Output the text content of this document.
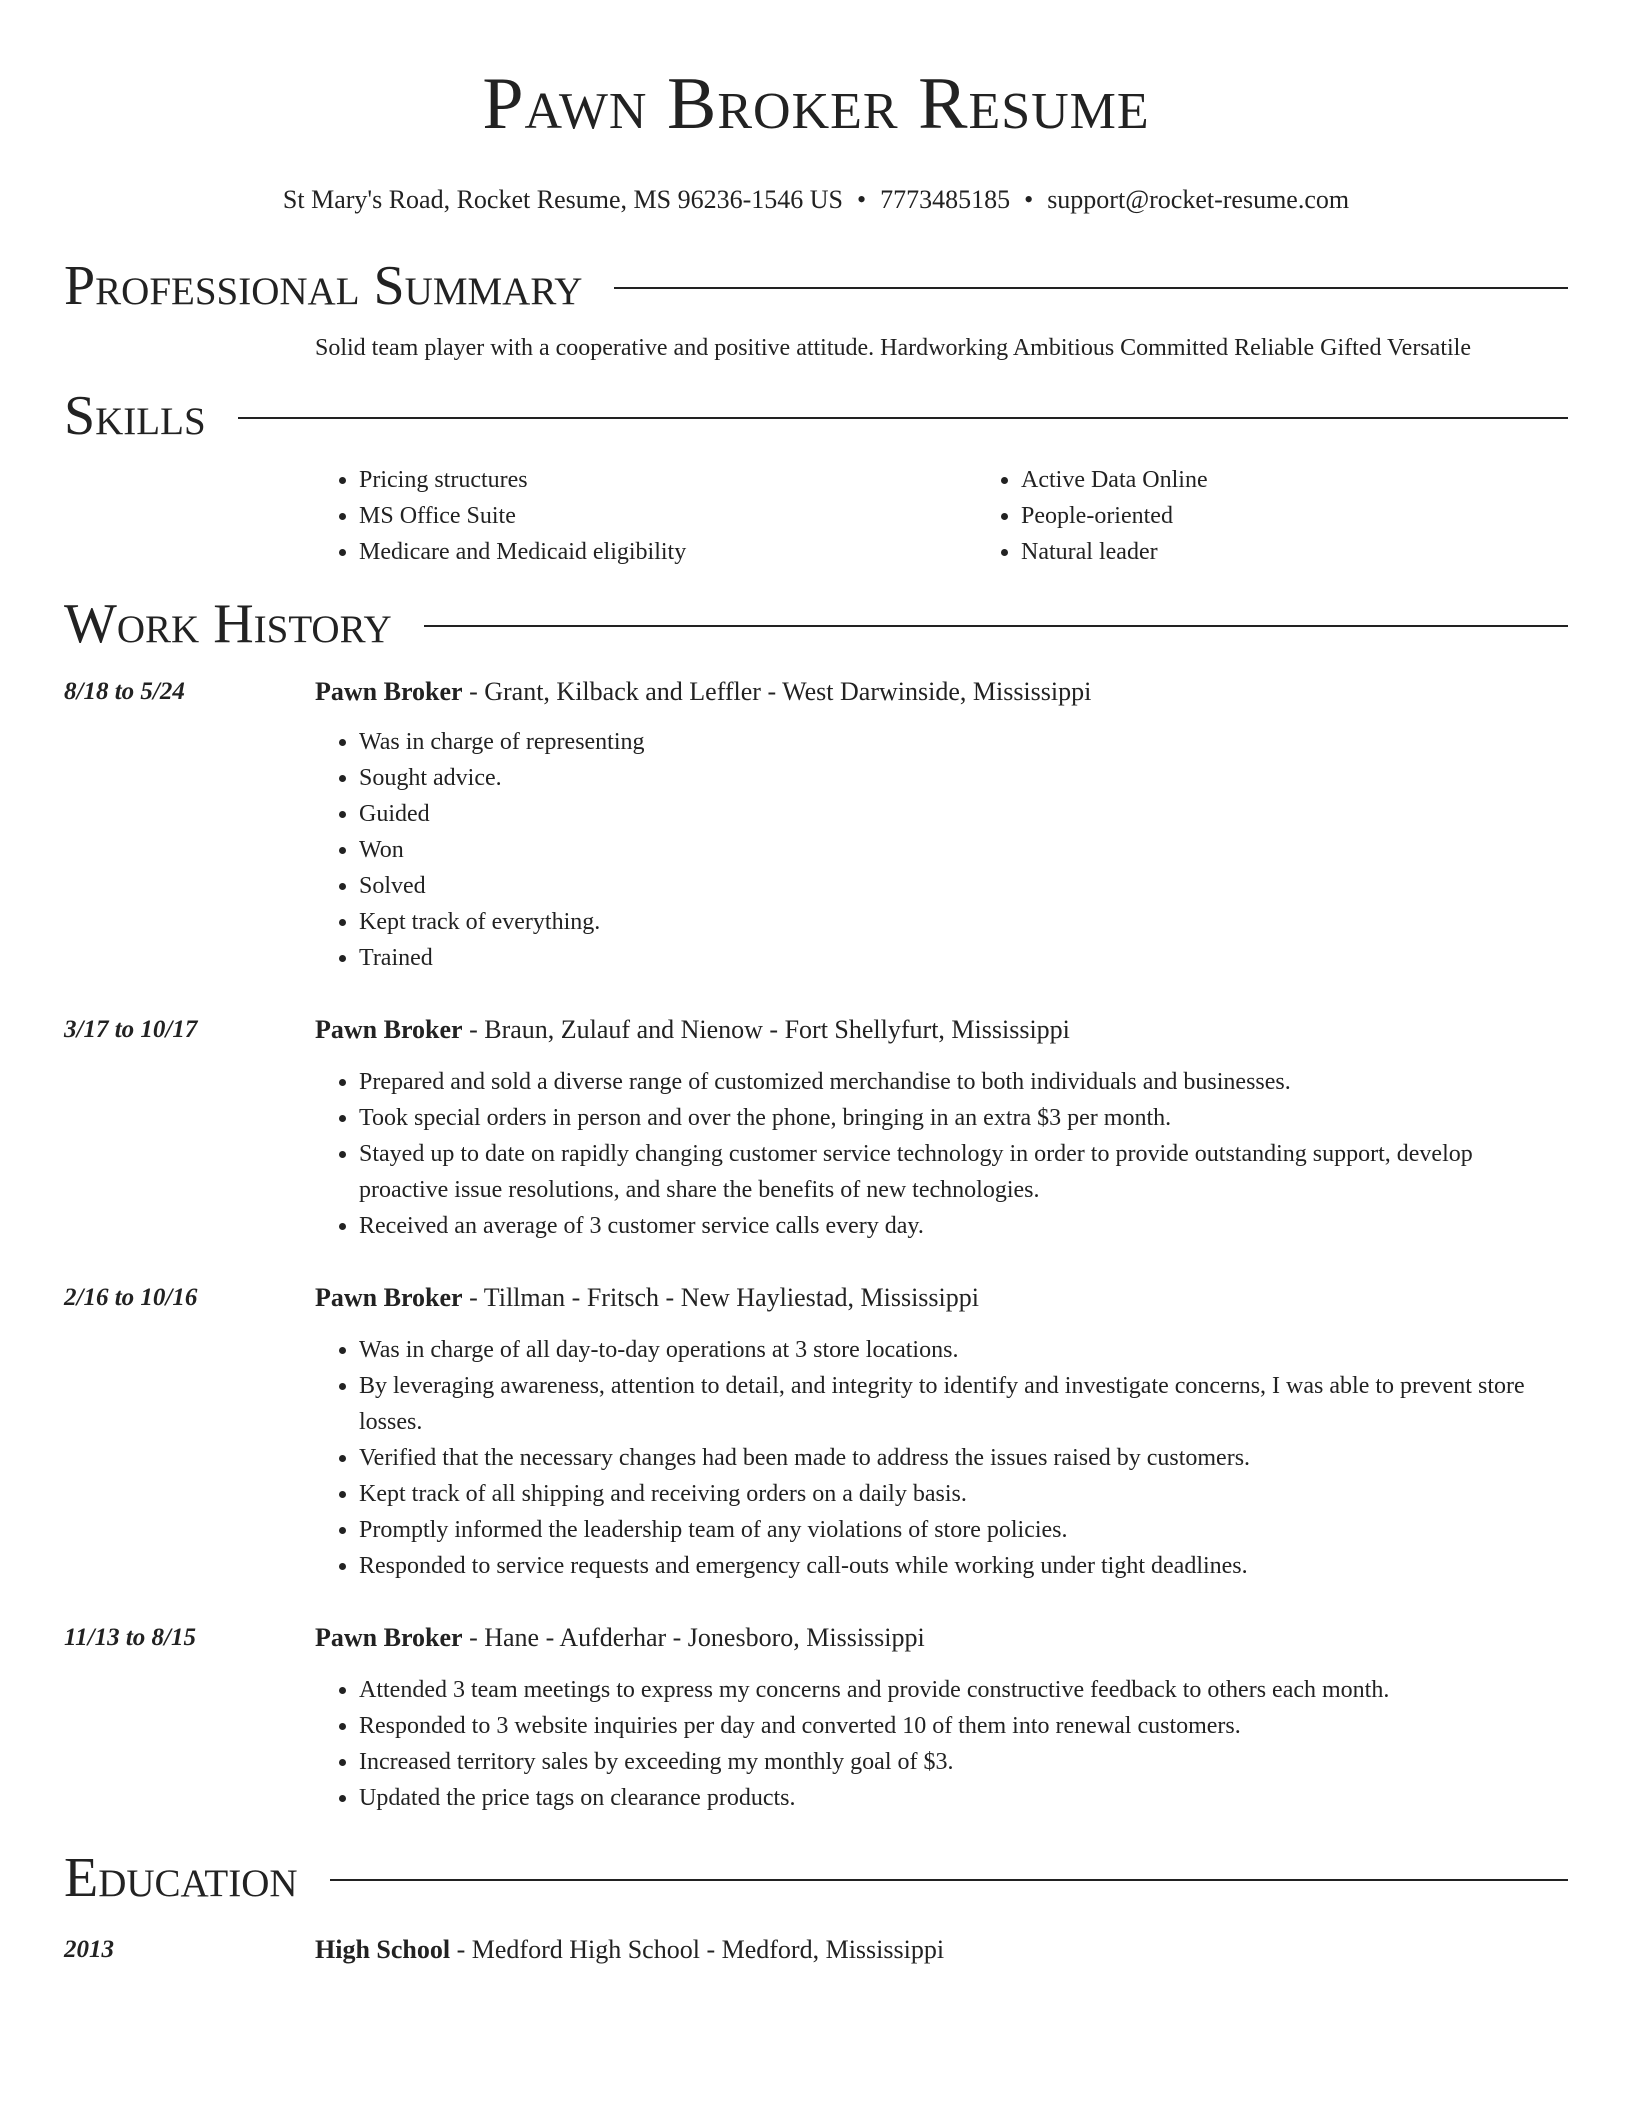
Pawn Broker Resume
St Mary's Road, Rocket Resume, MS 96236-1546 US • 7773485185 • support@rocket-resume.com
Professional Summary
Solid team player with a cooperative and positive attitude. Hardworking Ambitious Committed Reliable Gifted Versatile
Skills
• Pricing structures
• MS Office Suite
• Medicare and Medicaid eligibility
• Active Data Online
• People-oriented
• Natural leader
Work History
8/18 to 5/24	Pawn Broker - Grant, Kilback and Leffler - West Darwinside, Mississippi
• Was in charge of representing
• Sought advice.
• Guided
• Won
• Solved
• Kept track of everything.
• Trained
3/17 to 10/17	Pawn Broker - Braun, Zulauf and Nienow - Fort Shellyfurt, Mississippi
• Prepared and sold a diverse range of customized merchandise to both individuals and businesses.
• Took special orders in person and over the phone, bringing in an extra $3 per month.
• Stayed up to date on rapidly changing customer service technology in order to provide outstanding support, develop proactive issue resolutions, and share the benefits of new technologies.
• Received an average of 3 customer service calls every day.
2/16 to 10/16	Pawn Broker - Tillman - Fritsch - New Hayliestad, Mississippi
• Was in charge of all day-to-day operations at 3 store locations.
• By leveraging awareness, attention to detail, and integrity to identify and investigate concerns, I was able to prevent store losses.
• Verified that the necessary changes had been made to address the issues raised by customers.
• Kept track of all shipping and receiving orders on a daily basis.
• Promptly informed the leadership team of any violations of store policies.
• Responded to service requests and emergency call-outs while working under tight deadlines.
11/13 to 8/15	Pawn Broker - Hane - Aufderhar - Jonesboro, Mississippi
• Attended 3 team meetings to express my concerns and provide constructive feedback to others each month.
• Responded to 3 website inquiries per day and converted 10 of them into renewal customers.
• Increased territory sales by exceeding my monthly goal of $3.
• Updated the price tags on clearance products.
Education
2013	High School - Medford High School - Medford, Mississippi
